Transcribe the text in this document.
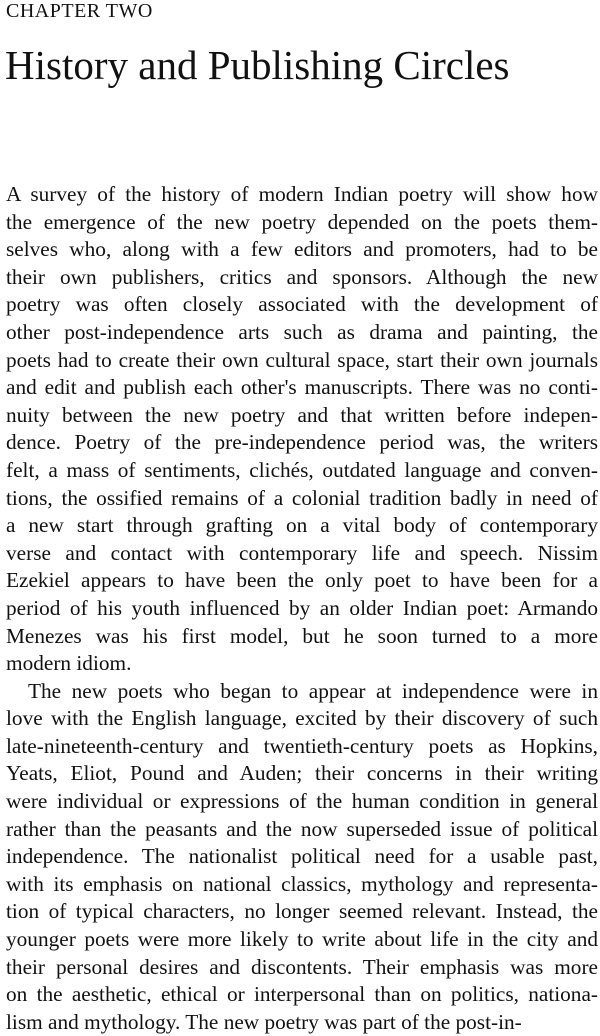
CHAPTER TWO
History and Publishing Circles

A survey of the history of modern Indian poetry will show how
the emergence of the new poetry depended on the poets them-
selves who, along with a few editors and promoters, had to be
their own publishers, critics and sponsors. Although the new
poetry was often closely associated with the development of
other post-independence arts such as drama and painting, the
poets had to create their own cultural space, start their own journals
and edit and publish each other's manuscripts. There was no conti-
nuity between the new poetry and that written before indepen-
dence. Poetry of the pre-independence period was, the writers
felt, a mass of sentiments, clichés, outdated language and conven-
tions, the ossified remains of a colonial tradition badly in need of
a new start through grafting on a vital body of contemporary
verse and contact with contemporary life and speech. Nissim
Ezekiel appears to have been the only poet to have been for a
period of his youth influenced by an older Indian poet: Armando
Menezes was his first model, but he soon turned to a more
modern idiom.

The new poets who began to appear at independence were in
love with the English language, excited by their discovery of such
late-nineteenth-century and twentieth-century poets as Hopkins,
Yeats, Eliot, Pound and Auden; their concerns in their writing
were individual or expressions of the human condition in general
rather than the peasants and the now superseded issue of political
independence. The nationalist political need for a usable past,
with its emphasis on national classics, mythology and representa-
tion of typical characters, no longer seemed relevant. Instead, the
younger poets were more likely to write about life in the city and
their personal desires and discontents. Their emphasis was more
on the aesthetic, ethical or interpersonal than on politics, nationa-
lism and mythology. The new poetry was part of the post-in-
